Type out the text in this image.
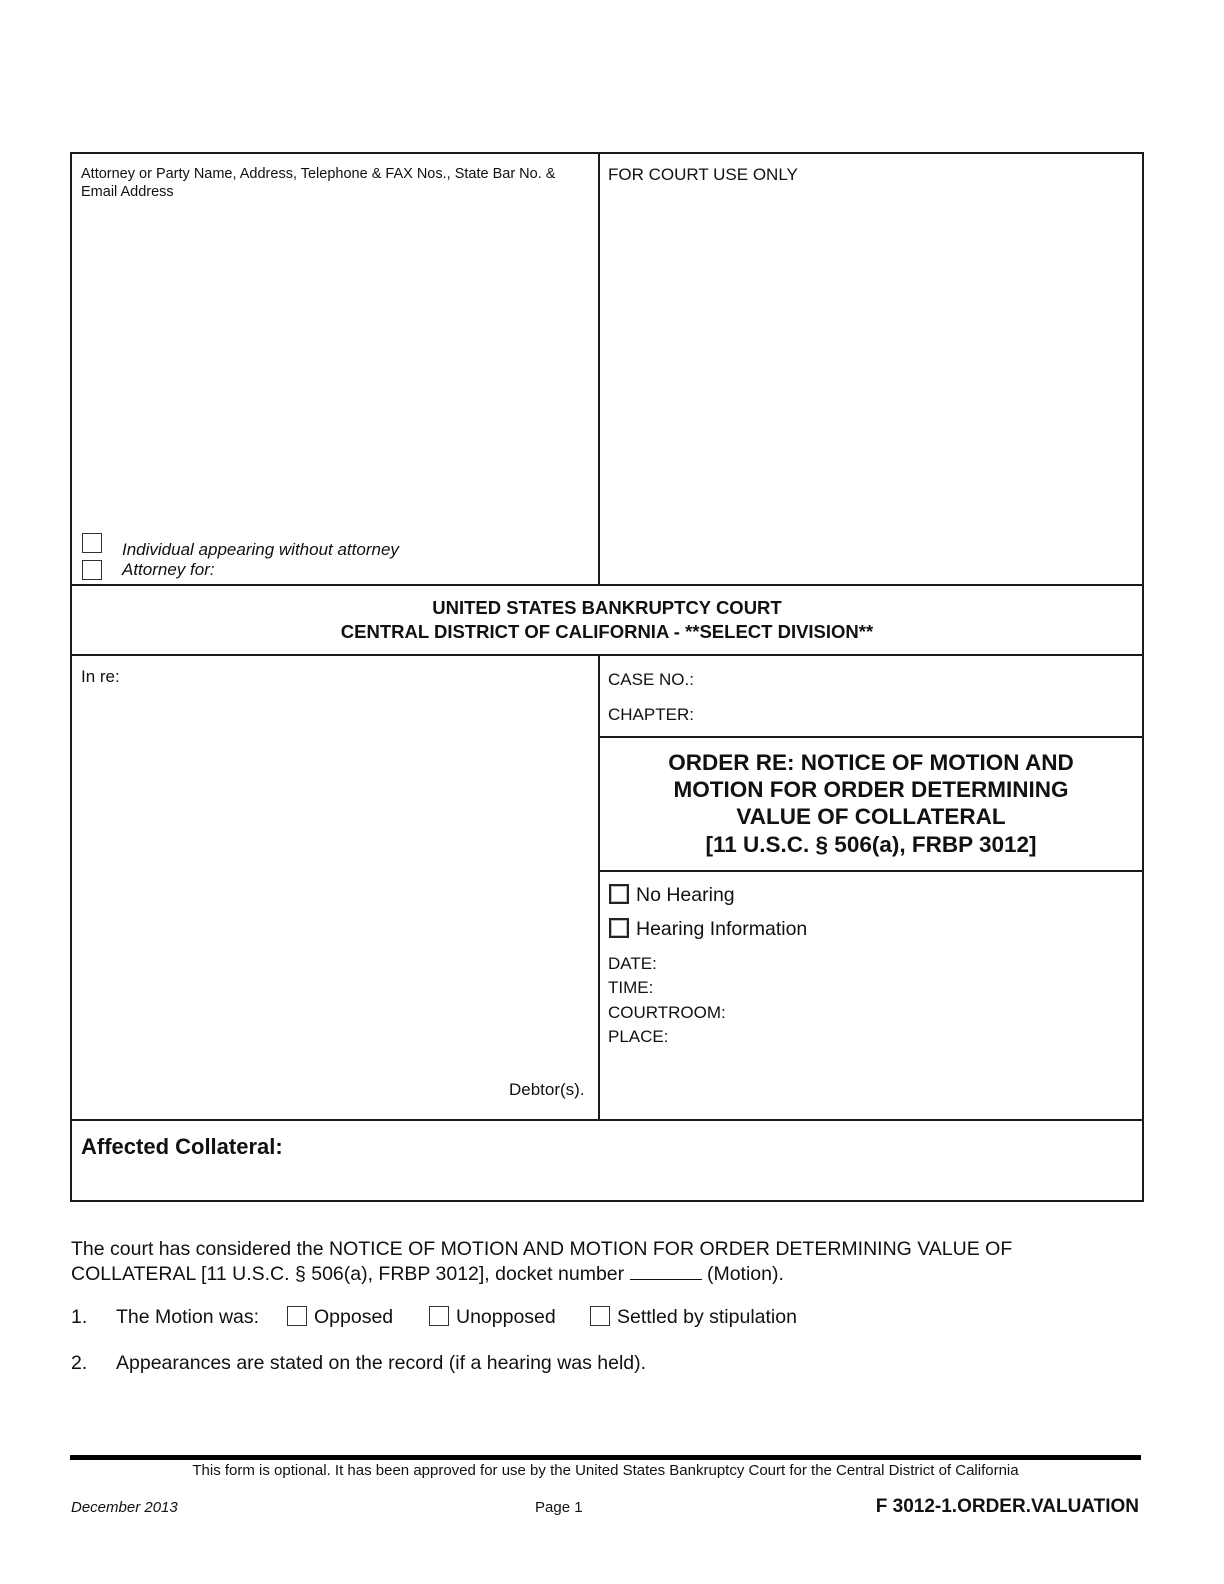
Attorney or Party Name, Address, Telephone & FAX Nos., State Bar No. & Email Address
FOR COURT USE ONLY
Individual appearing without attorney
Attorney for:
UNITED STATES BANKRUPTCY COURT
CENTRAL DISTRICT OF CALIFORNIA - **SELECT DIVISION**
In re:
Debtor(s).
CASE NO.:
CHAPTER:
ORDER RE: NOTICE OF MOTION AND
MOTION FOR ORDER DETERMINING
VALUE OF COLLATERAL
[11 U.S.C. § 506(a), FRBP 3012]
No Hearing
Hearing Information
DATE:
TIME:
COURTROOM:
PLACE:
Affected Collateral:
The court has considered the NOTICE OF MOTION AND MOTION FOR ORDER DETERMINING VALUE OF
COLLATERAL [11 U.S.C. § 506(a), FRBP 3012], docket number	(Motion).
1. The Motion was:	Opposed	Unopposed	Settled by stipulation
2. Appearances are stated on the record (if a hearing was held).
This form is optional. It has been approved for use by the United States Bankruptcy Court for the Central District of California
December 2013	Page 1	F 3012-1.ORDER.VALUATION
